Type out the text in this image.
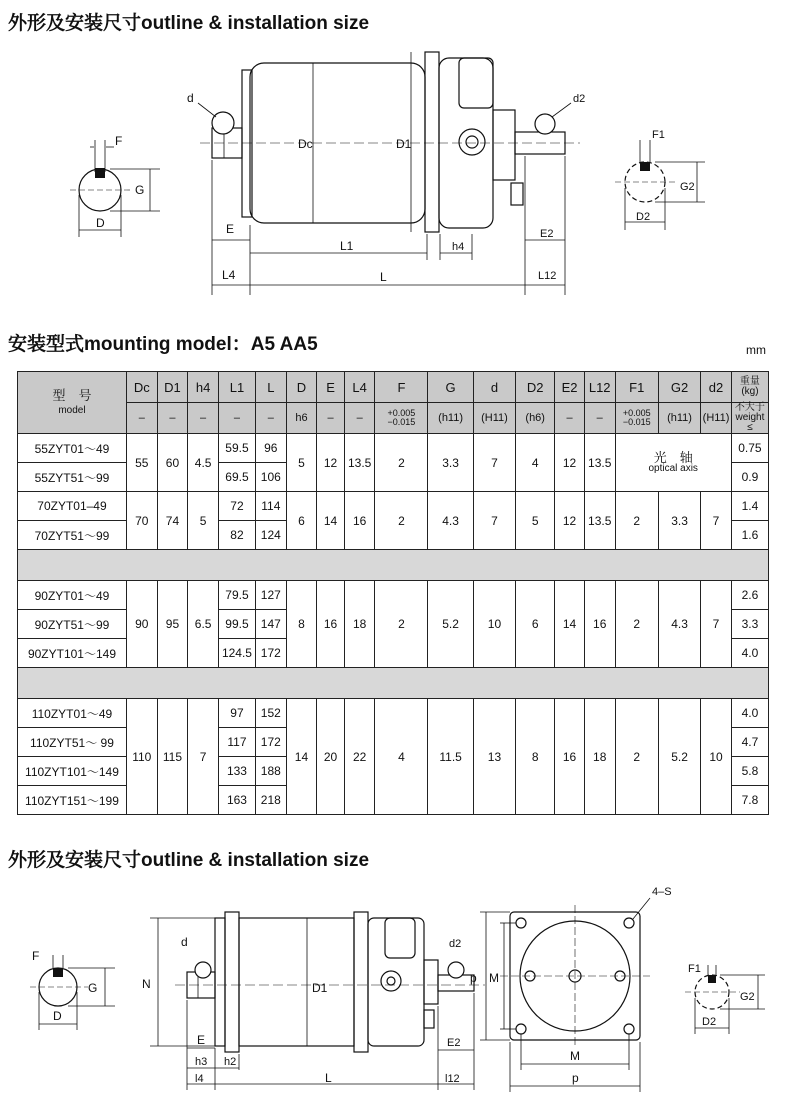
外形及安装尺寸outline & installation size
安装型式mounting model：A5 AA5	mm
外形及安装尺寸outline & installation size
F
G
D
d	d2
Dc	D1
E
L1	h4
L4	L
E2
L12
F1
G2
D2
型　号
model	Dc	D1	h4	L1	L	D	E	L4	F	G	d	D2	E2	L12	F1	G2	d2	重量
(kg)

	–	–	–	–	–	h6	–	–	+0.005 −0.015	(h11)	(H11)	(h6)	–	–	+0.005 −0.015	(h11)	(H11)	不大于
weight ≤

55ZYT01～49	55	60	4.5	59.5	96	5	12	13.5	2	3.3	7	4	12	13.5	光　轴
optical axis			0.75
55ZYT51～99				69.5	106													0.9
70ZYT01–49	70	74	5	72	114	6	14	16	2	4.3	7	5	12	13.5	2	3.3	7	1.4
70ZYT51～99				82	124													1.6

90ZYT01～49	90	95	6.5	79.5	127	8	16	18	2	5.2	10	6	14	16	2	4.3	7	2.6
90ZYT51～99				99.5	147													3.3
90ZYT101～149				124.5	172													4.0

110ZYT01～49	110	115	7	97	152	14	20	22	4	11.5	13	8	16	18	2	5.2	10	4.0
110ZYT51～ 99				117	172													4.7
110ZYT101～149				133	188													5.8
110ZYT151～199				163	218													7.8
F
G
D
d
N	D1
d2
E
h3 h2
l4	L
E2
l12
M
p
M
p
4–S
F1
G2
D2
